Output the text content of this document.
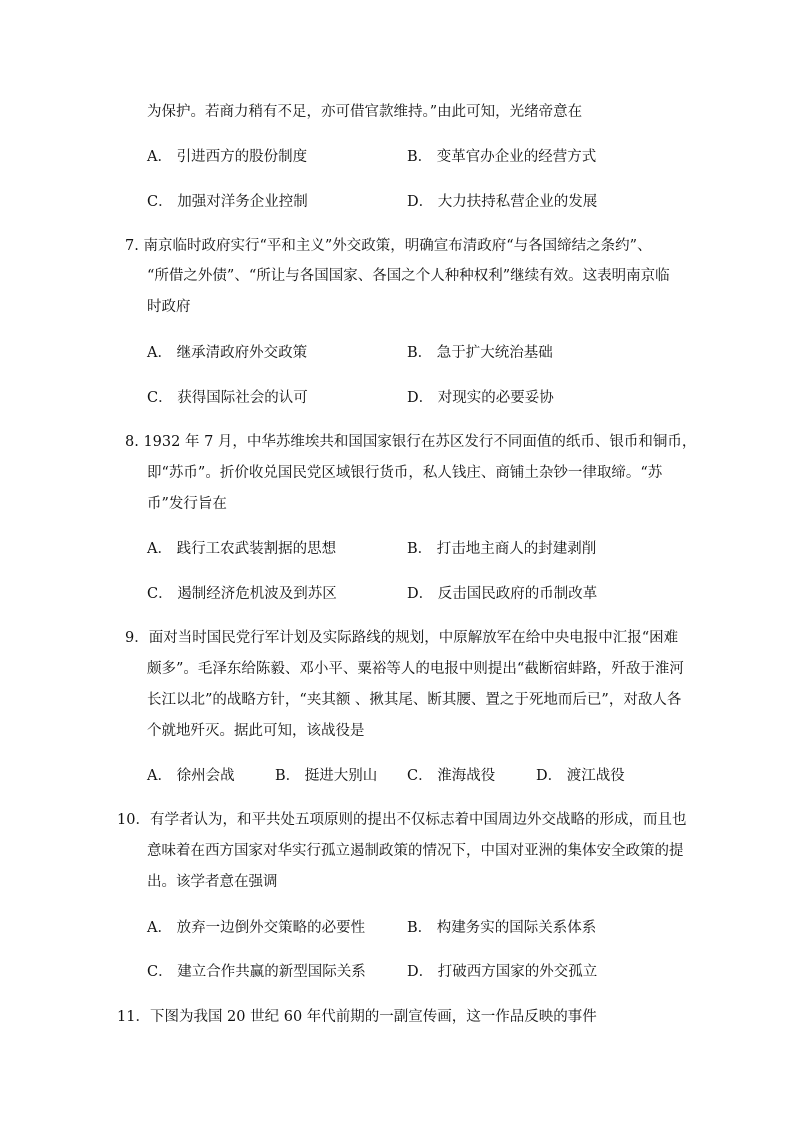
为保护。若商力稍有不足，亦可借官款维持。”由此可知，光绪帝意在
A． 引进西方的股份制度	B． 变革官办企业的经营方式
C． 加强对洋务企业控制	D． 大力扶持私营企业的发展
7. 南京临时政府实行“平和主义”外交政策，明确宣布清政府“与各国缔结之条约”、
“所借之外债”、“所让与各国国家、各国之个人种种权利”继续有效。这表明南京临
时政府
A． 继承清政府外交政策	B． 急于扩大统治基础
C． 获得国际社会的认可	D． 对现实的必要妥协
8. 1932 年 7 月，中华苏维埃共和国国家银行在苏区发行不同面值的纸币、银币和铜币，
即“苏币”。折价收兑国民党区域银行货币，私人钱庄、商铺土杂钞一律取缔。“苏
币”发行旨在
A． 践行工农武装割据的思想	B． 打击地主商人的封建剥削
C． 遏制经济危机波及到苏区	D． 反击国民政府的币制改革
9．面对当时国民党行军计划及实际路线的规划，中原解放军在给中央电报中汇报“困难
颇多”。毛泽东给陈毅、邓小平、粟裕等人的电报中则提出“截断宿蚌路，歼敌于淮河
长江以北”的战略方针，“夹其额 、揪其尾、断其腰、置之于死地而后已”，对敌人各
个就地歼灭。据此可知，该战役是
A． 徐州会战	B． 挺进大别山 C． 淮海战役	D． 渡江战役
10．有学者认为，和平共处五项原则的提出不仅标志着中国周边外交战略的形成，而且也
意味着在西方国家对华实行孤立遏制政策的情况下，中国对亚洲的集体安全政策的提
出。该学者意在强调
A． 放弃一边倒外交策略的必要性	B． 构建务实的国际关系体系
C． 建立合作共赢的新型国际关系	D． 打破西方国家的外交孤立
11．下图为我国 20 世纪 60 年代前期的一副宣传画，这一作品反映的事件
